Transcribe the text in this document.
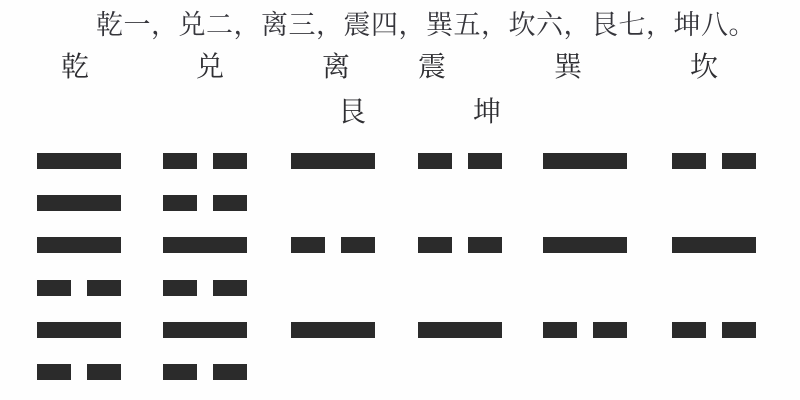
乾一，兑二，离三，震四，巽五，坎六，艮七，坤八。
乾	兑	离	震	巽	坎
艮	坤
